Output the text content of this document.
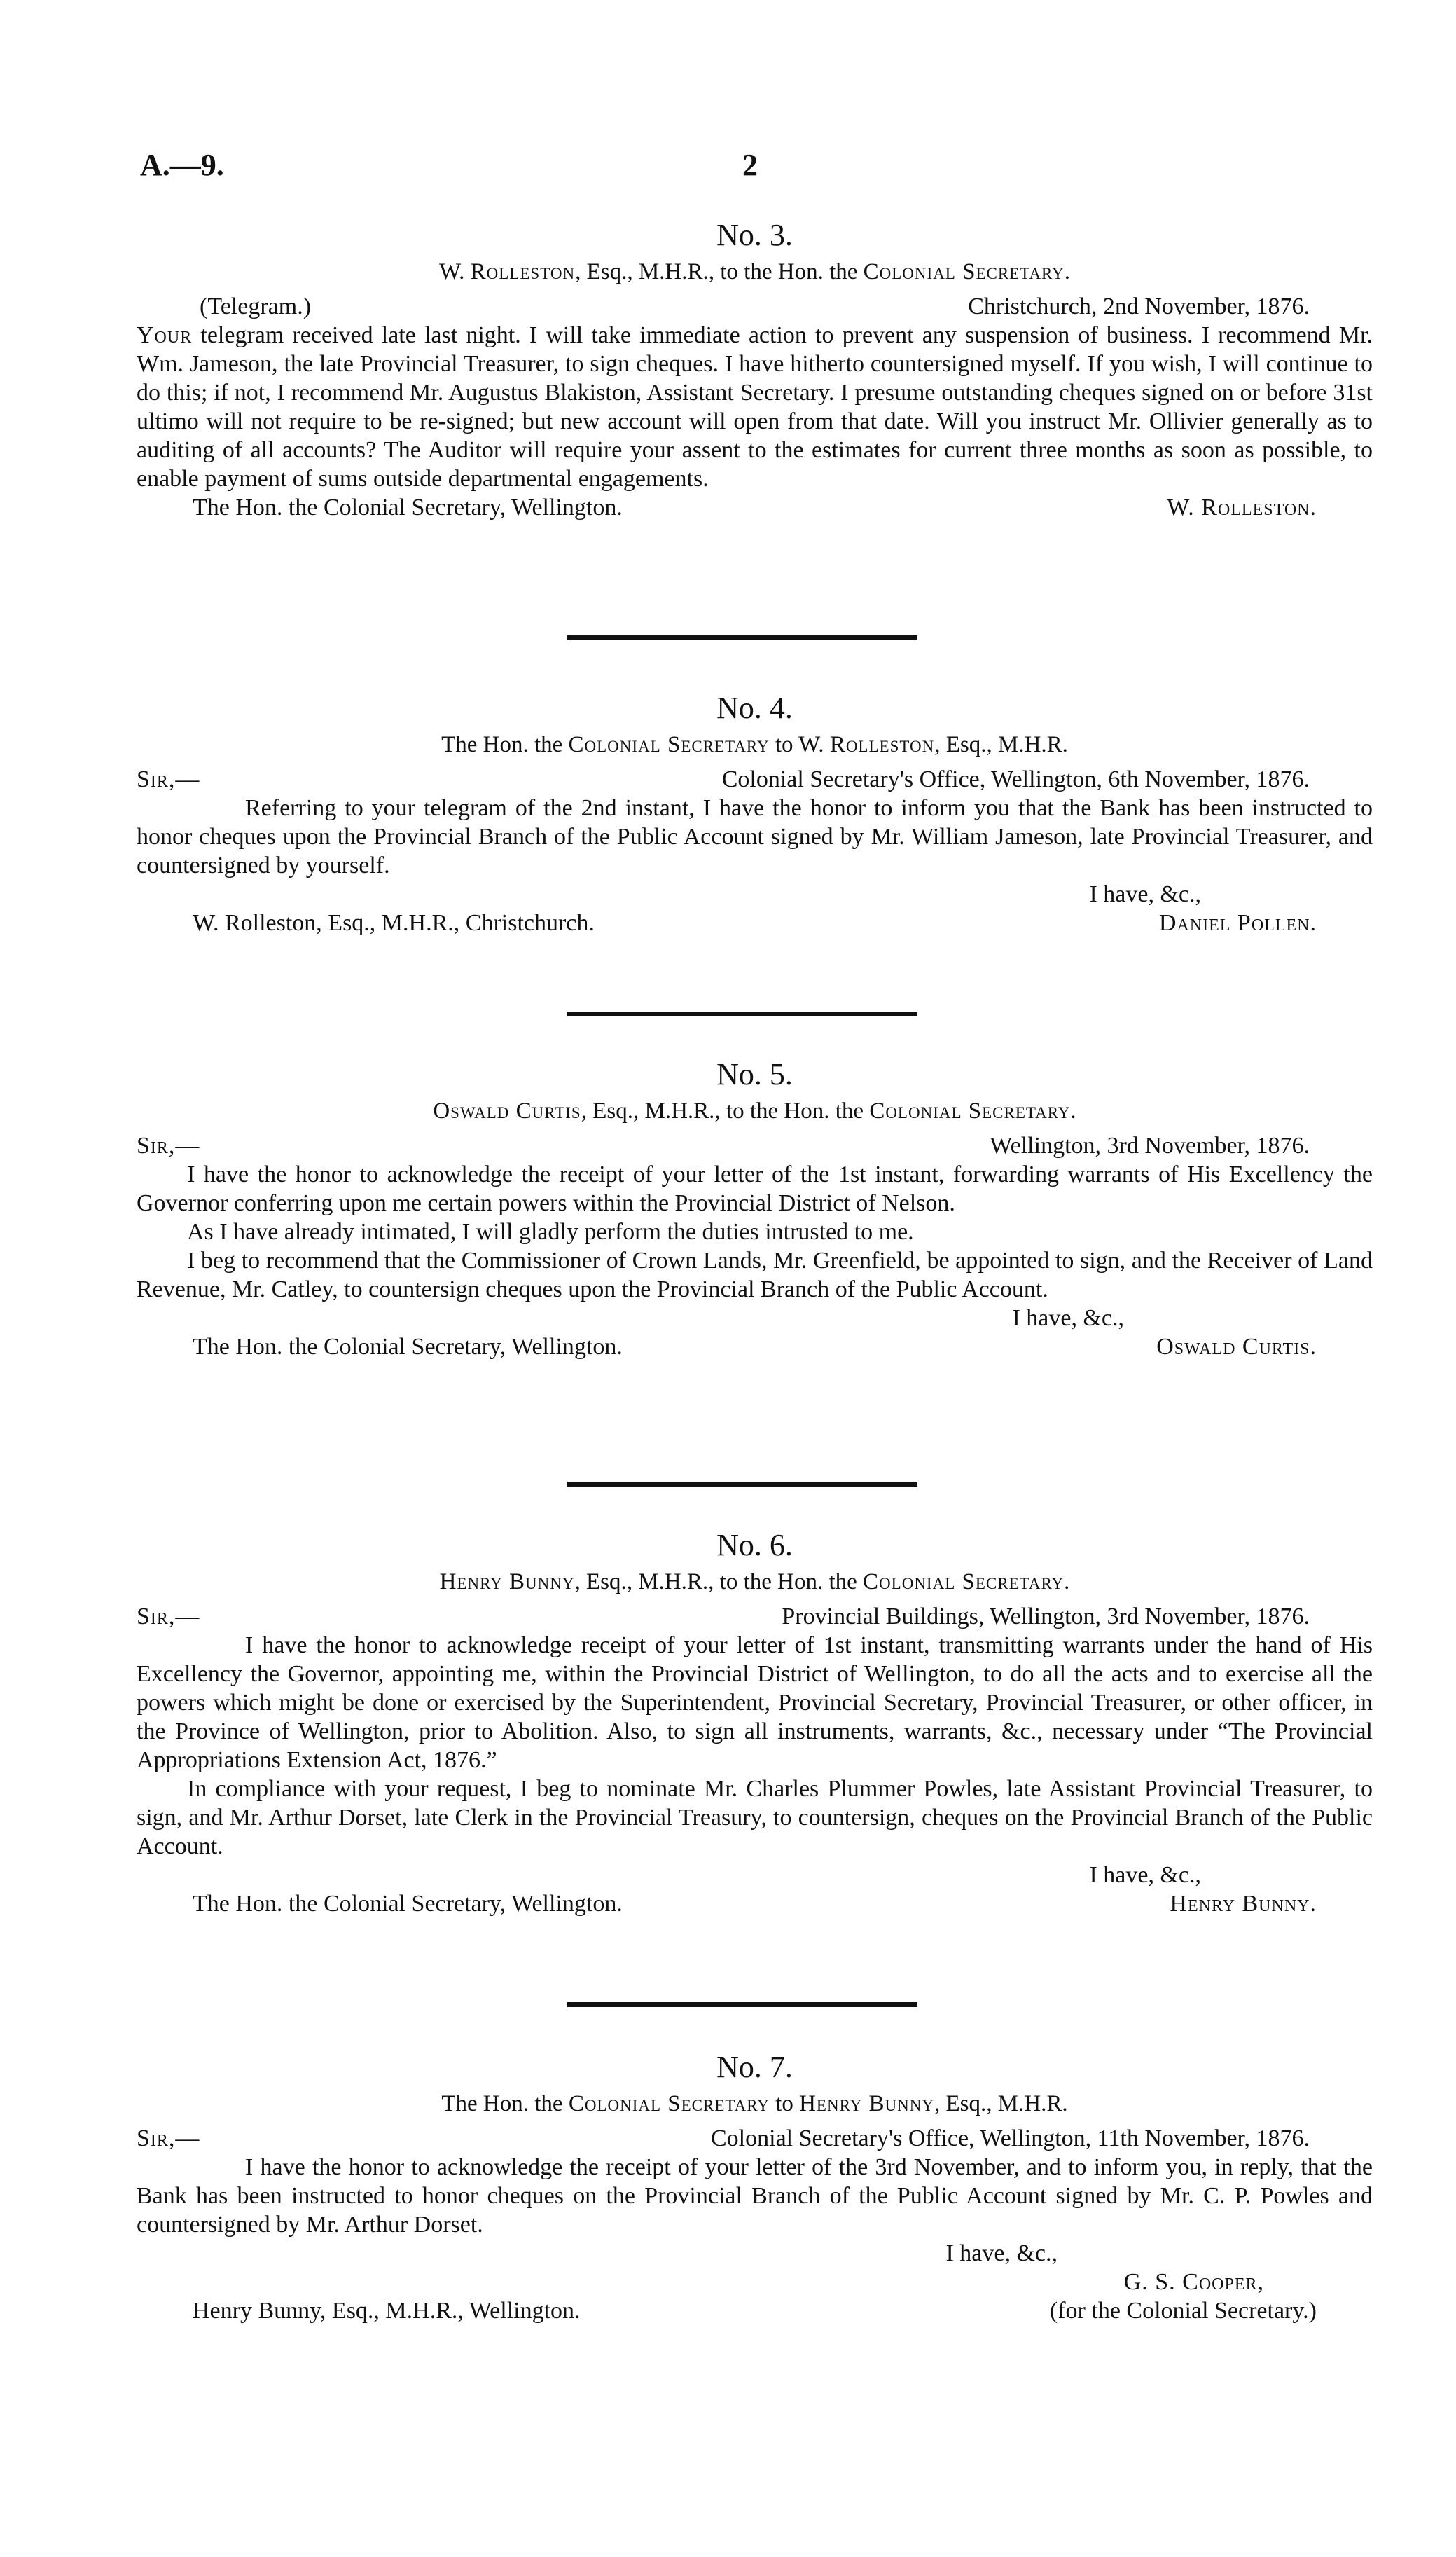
A.—9.	2
No. 3.
W. Rolleston, Esq., M.H.R., to the Hon. the Colonial Secretary.
(Telegram.)	Christchurch, 2nd November, 1876.

Your telegram received late last night. I will take immediate action to prevent any suspension of business. I recommend Mr. Wm. Jameson, the late Provincial Treasurer, to sign cheques. I have hitherto countersigned myself. If you wish, I will continue to do this; if not, I recommend Mr. Augustus Blakiston, Assistant Secretary. I presume outstanding cheques signed on or before 31st ultimo will not require to be re-signed; but new account will open from that date. Will you instruct Mr. Ollivier generally as to auditing of all accounts? The Auditor will require your assent to the estimates for current three months as soon as possible, to enable payment of sums outside departmental engagements.

The Hon. the Colonial Secretary, Wellington.	W. Rolleston.
No. 4.
The Hon. the Colonial Secretary to W. Rolleston, Esq., M.H.R.
Sir,—	Colonial Secretary's Office, Wellington, 6th November, 1876.

Referring to your telegram of the 2nd instant, I have the honor to inform you that the Bank has been instructed to honor cheques upon the Provincial Branch of the Public Account signed by Mr. William Jameson, late Provincial Treasurer, and countersigned by yourself.

I have, &c.,
W. Rolleston, Esq., M.H.R., Christchurch.	Daniel Pollen.
No. 5.
Oswald Curtis, Esq., M.H.R., to the Hon. the Colonial Secretary.
Sir,—	Wellington, 3rd November, 1876.

I have the honor to acknowledge the receipt of your letter of the 1st instant, forwarding warrants of His Excellency the Governor conferring upon me certain powers within the Provincial District of Nelson.

As I have already intimated, I will gladly perform the duties intrusted to me.

I beg to recommend that the Commissioner of Crown Lands, Mr. Greenfield, be appointed to sign, and the Receiver of Land Revenue, Mr. Catley, to countersign cheques upon the Provincial Branch of the Public Account.

I have, &c.,
The Hon. the Colonial Secretary, Wellington.	Oswald Curtis.
No. 6.
Henry Bunny, Esq., M.H.R., to the Hon. the Colonial Secretary.
Sir,—	Provincial Buildings, Wellington, 3rd November, 1876.

I have the honor to acknowledge receipt of your letter of 1st instant, transmitting warrants under the hand of His Excellency the Governor, appointing me, within the Provincial District of Wellington, to do all the acts and to exercise all the powers which might be done or exercised by the Superintendent, Provincial Secretary, Provincial Treasurer, or other officer, in the Province of Wellington, prior to Abolition. Also, to sign all instruments, warrants, &c., necessary under “The Provincial Appropriations Extension Act, 1876.”

In compliance with your request, I beg to nominate Mr. Charles Plummer Powles, late Assistant Provincial Treasurer, to sign, and Mr. Arthur Dorset, late Clerk in the Provincial Treasury, to countersign, cheques on the Provincial Branch of the Public Account.

I have, &c.,
The Hon. the Colonial Secretary, Wellington.	Henry Bunny.
No. 7.
The Hon. the Colonial Secretary to Henry Bunny, Esq., M.H.R.
Sir,—	Colonial Secretary's Office, Wellington, 11th November, 1876.

I have the honor to acknowledge the receipt of your letter of the 3rd November, and to inform you, in reply, that the Bank has been instructed to honor cheques on the Provincial Branch of the Public Account signed by Mr. C. P. Powles and countersigned by Mr. Arthur Dorset.

I have, &c.,
G. S. Cooper,
Henry Bunny, Esq., M.H.R., Wellington.	(for the Colonial Secretary.)
